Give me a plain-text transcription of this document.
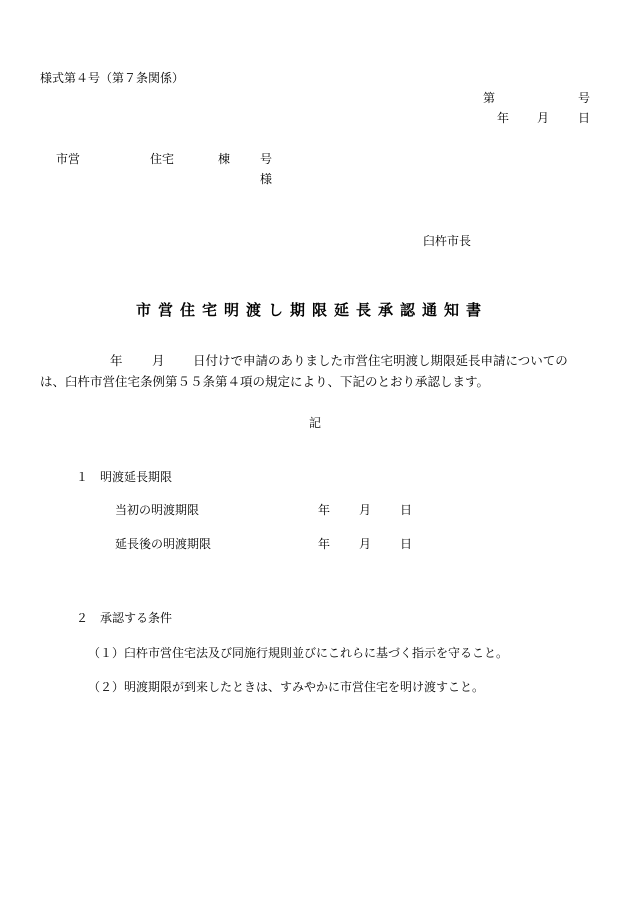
様式第４号（第７条関係）
第	号
年 月 日
市営	住宅	棟 号
様
臼杵市長
市営住宅明渡し期限延長承認通知書
年 月 日付けで申請のありました市営住宅明渡し期限延長申請についての
は、臼杵市営住宅条例第５５条第４項の規定により、下記のとおり承認します。
記
１ 明渡延長期限
当初の明渡期限	年 月 日
延長後の明渡期限	年 月 日
２ 承認する条件
（１） 臼杵市営住宅法及び同施行規則並びにこれらに基づく指示を守ること。
（２） 明渡期限が到来したときは、すみやかに市営住宅を明け渡すこと。
